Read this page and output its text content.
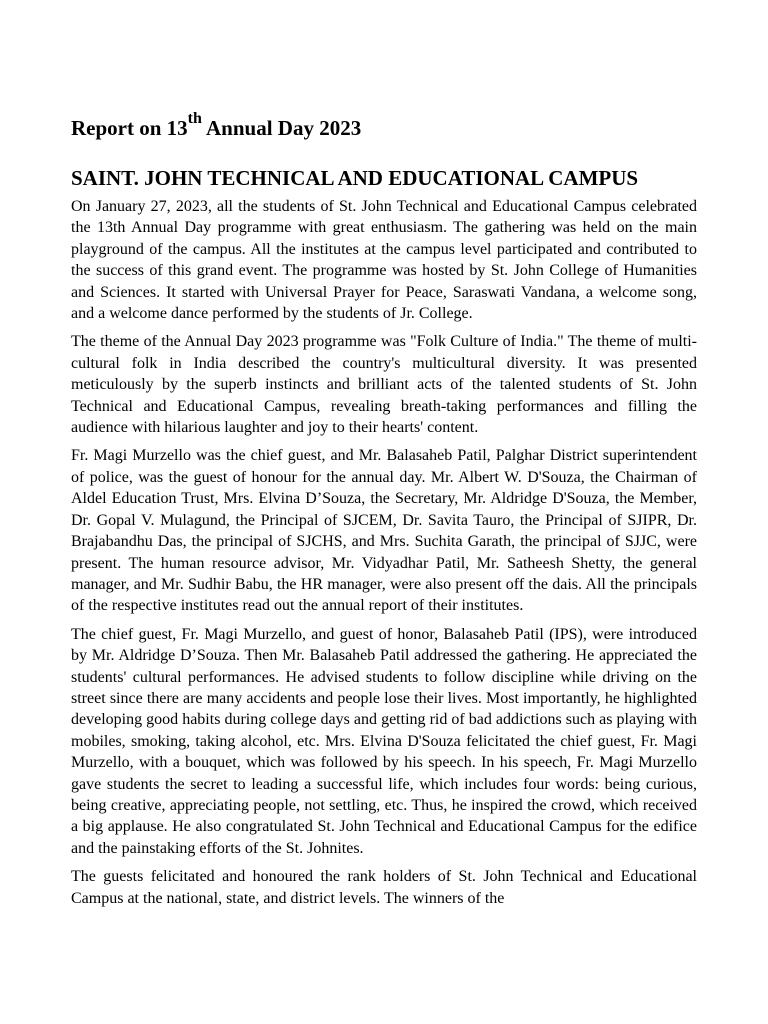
Report on 13th Annual Day 2023
SAINT. JOHN TECHNICAL AND EDUCATIONAL CAMPUS

On January 27, 2023, all the students of St. John Technical and Educational Campus celebrated the 13th Annual Day programme with great enthusiasm. The gathering was held on the main playground of the campus. All the institutes at the campus level participated and contributed to the success of this grand event. The programme was hosted by St. John College of Humanities and Sciences. It started with Universal Prayer for Peace, Saraswati Vandana, a welcome song, and a welcome dance performed by the students of Jr. College.

The theme of the Annual Day 2023 programme was "Folk Culture of India." The theme of multi-cultural folk in India described the country's multicultural diversity. It was presented meticulously by the superb instincts and brilliant acts of the talented students of St. John Technical and Educational Campus, revealing breath-taking performances and filling the audience with hilarious laughter and joy to their hearts' content.

Fr. Magi Murzello was the chief guest, and Mr. Balasaheb Patil, Palghar District superintendent of police, was the guest of honour for the annual day. Mr. Albert W. D'Souza, the Chairman of Aldel Education Trust, Mrs. Elvina D’Souza, the Secretary, Mr. Aldridge D'Souza, the Member, Dr. Gopal V. Mulagund, the Principal of SJCEM, Dr. Savita Tauro, the Principal of SJIPR, Dr. Brajabandhu Das, the principal of SJCHS, and Mrs. Suchita Garath, the principal of SJJC, were present. The human resource advisor, Mr. Vidyadhar Patil, Mr. Satheesh Shetty, the general manager, and Mr. Sudhir Babu, the HR manager, were also present off the dais. All the principals of the respective institutes read out the annual report of their institutes.

The chief guest, Fr. Magi Murzello, and guest of honor, Balasaheb Patil (IPS), were introduced by Mr. Aldridge D’Souza. Then Mr. Balasaheb Patil addressed the gathering. He appreciated the students' cultural performances. He advised students to follow discipline while driving on the street since there are many accidents and people lose their lives. Most importantly, he highlighted developing good habits during college days and getting rid of bad addictions such as playing with mobiles, smoking, taking alcohol, etc. Mrs. Elvina D'Souza felicitated the chief guest, Fr. Magi Murzello, with a bouquet, which was followed by his speech. In his speech, Fr. Magi Murzello gave students the secret to leading a successful life, which includes four words: being curious, being creative, appreciating people, not settling, etc. Thus, he inspired the crowd, which received a big applause. He also congratulated St. John Technical and Educational Campus for the edifice and the painstaking efforts of the St. Johnites.

The guests felicitated and honoured the rank holders of St. John Technical and Educational Campus at the national, state, and district levels. The winners of the
